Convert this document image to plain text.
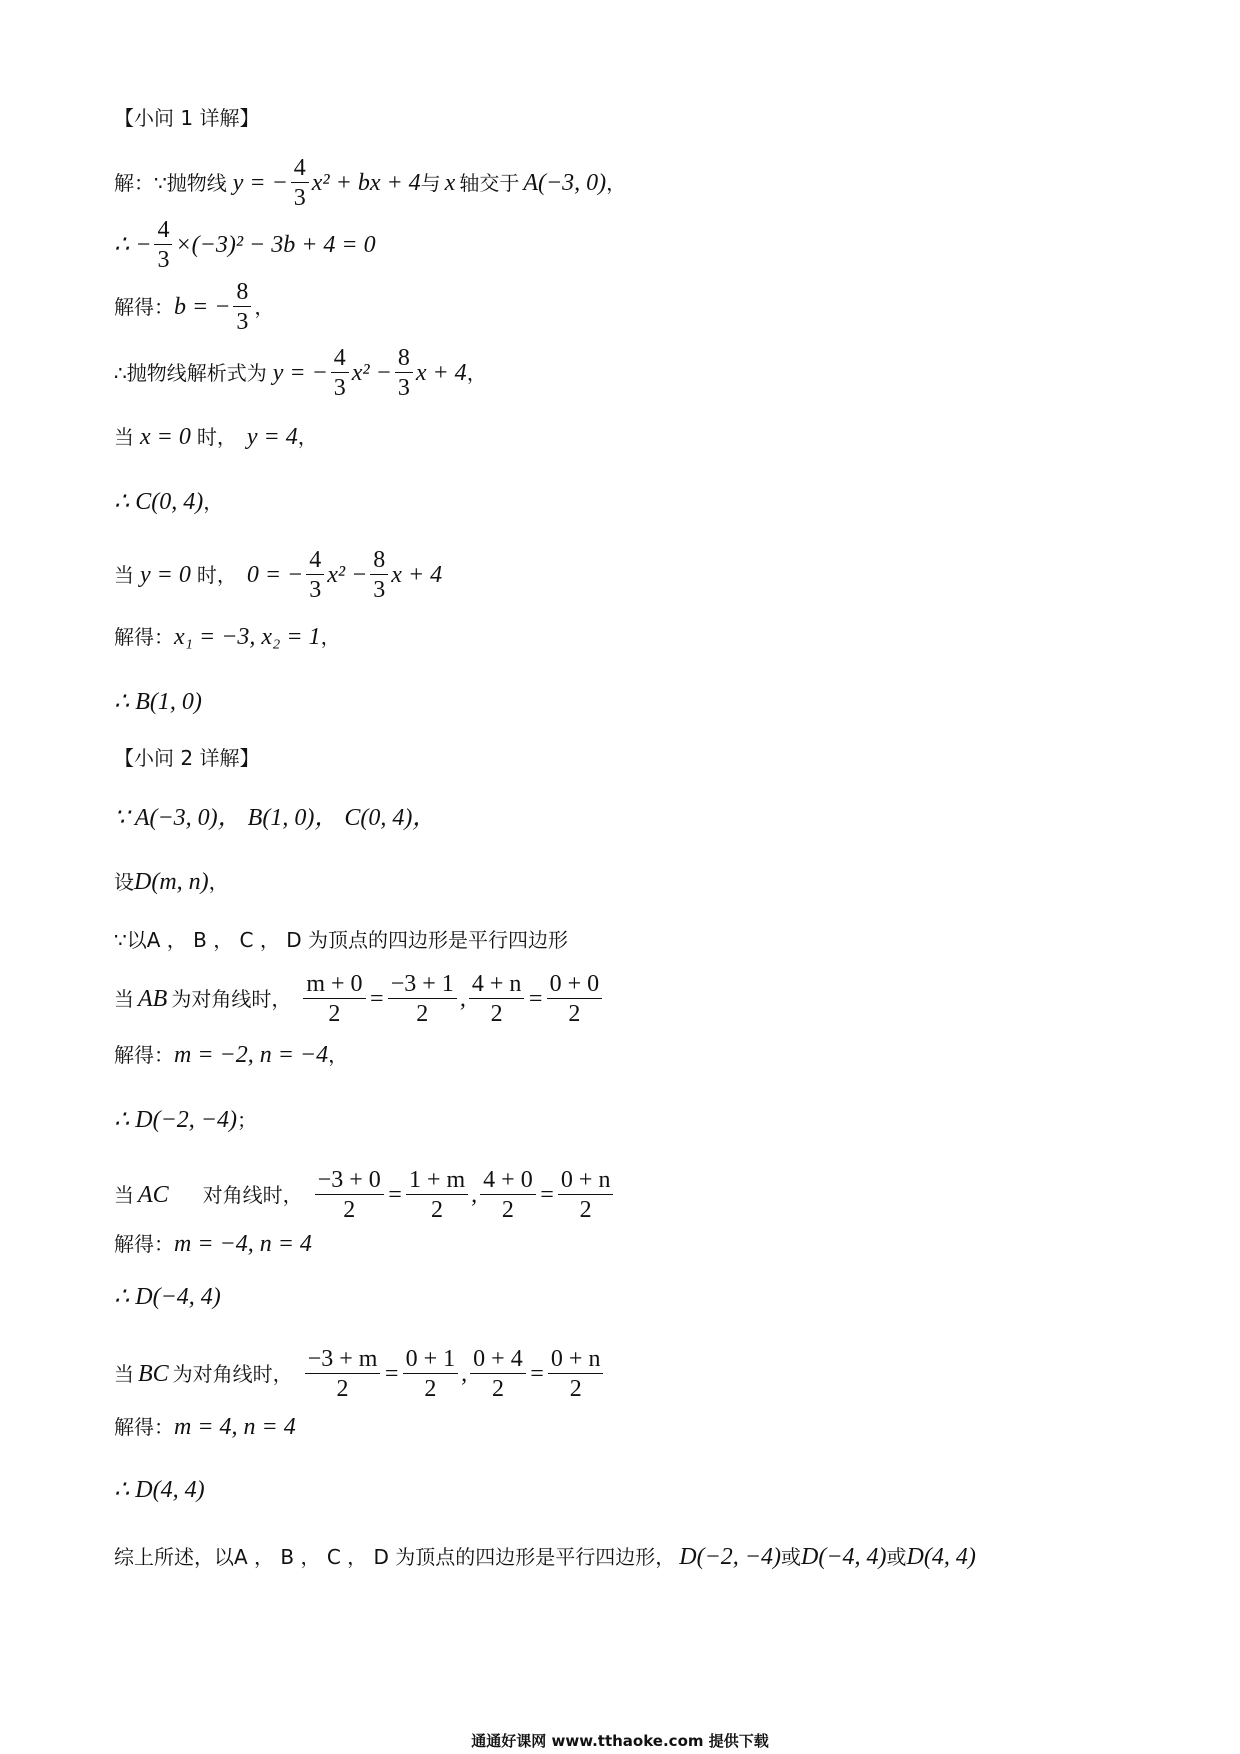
【小问 1 详解】
解：∵抛物线 y = − $\frac{4}{3} x^2$ + bx + 4 与 x 轴交于 A(−3, 0) ，
∴ − $\frac{4}{3} \times(-3)^2 - 3b + 4 = 0$
解得： b = − $\frac{8}{3}$ ，
∴抛物线解析式为 y = − $\frac{4}{3} x^2 - \frac{8}{3}$ x + 4 ，
当 x = 0 时， y = 4 ，
∴ C(0, 4) ，
当 y = 0 时， 0 = − $\frac{4}{3} x^2 - \frac{8}{3}$ x + 4
解得： x₁ = −3, x₂ = 1 ，
∴ B(1, 0)
【小问 2 详解】
∵ A(−3, 0)， B(1, 0)， C(0, 4)，
设 D(m, n) ，
∵以A ， B ， C ， D 为顶点的四边形是平行四边形
当 AB 为对角线时， $\frac{m + 0}{2} = \frac{-3 + 1}{2}$ , $\frac{4 + n}{2} = \frac{0 + 0}{2}$
解得： m = −2, n = −4 ，
∴ D(−2, −4) ；
当 AC 对角线时， $\frac{-3 + 0}{2} = \frac{1 + m}{2}$ , $\frac{4 + 0}{2} = \frac{0 + n}{2}$
解得： m = −4, n = 4
∴ D(−4, 4)
当 BC 为对角线时， $\frac{-3 + m}{2} = \frac{0 + 1}{2}$ , $\frac{0 + 4}{2} = \frac{0 + n}{2}$
解得： m = 4, n = 4
∴ D(4, 4)
综上所述，以A ， B ， C ， D 为顶点的四边形是平行四边形， D(−2, −4) 或 D(−4, 4) 或 D(4, 4)
通通好课网 www.tthaoke.com 提供下载
